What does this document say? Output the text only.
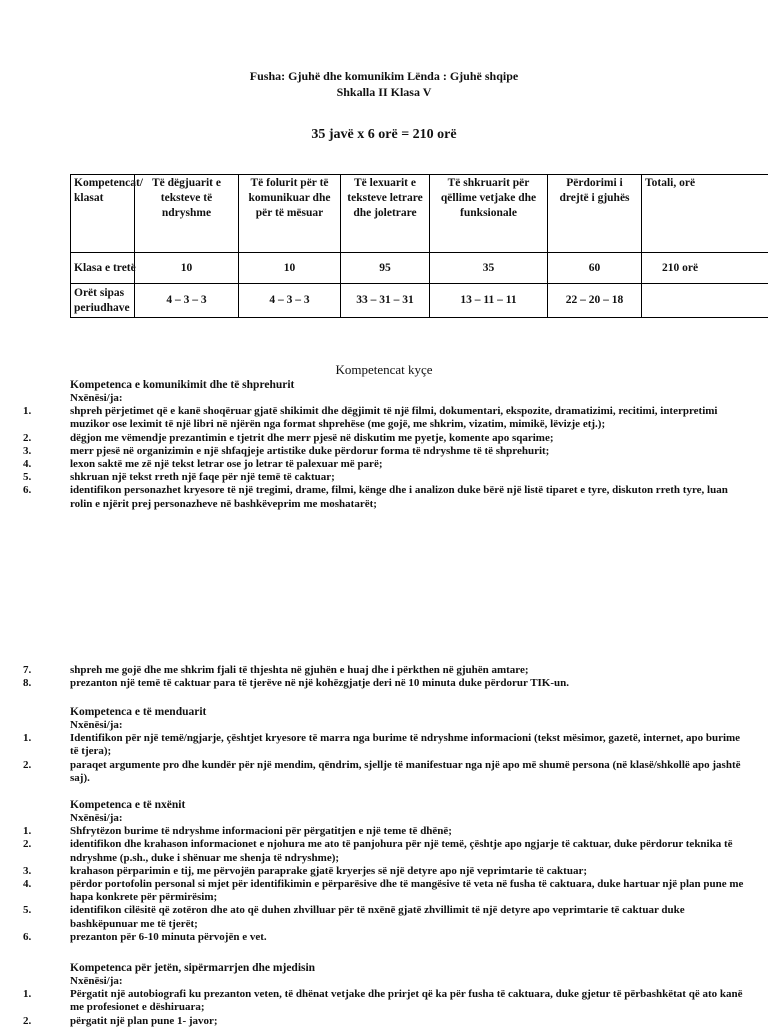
Fusha: Gjuhë dhe komunikim Lënda : Gjuhë shqipe
Shkalla II Klasa V
35 javë x 6 orë = 210 orë
Kompetencat/ klasat	Të dëgjuarit e teksteve të ndryshme	Të folurit për të komunikuar dhe për të mësuar	Të lexuarit e teksteve letrare dhe joletrare	Të shkruarit për qëllime vetjake dhe funksionale	Përdorimi i drejtë i gjuhës	Totali, orë
Klasa e tretë	10	10	95	35	60	210 orë
Orët sipas periudhave	4 – 3 – 3	4 – 3 – 3	33 – 31 – 31	13 – 11 – 11	22 – 20 – 18	
Kompetencat kyçe
Kompetenca e komunikimit dhe të shprehurit
Nxënësi/ja:
1.	shpreh përjetimet që e kanë shoqëruar gjatë shikimit dhe dëgjimit të një filmi, dokumentari, ekspozite, dramatizimi, recitimi, interpretimi muzikor ose leximit të një libri në njërën nga format shprehëse (me gojë, me shkrim, vizatim, mimikë, lëvizje etj.);
2.	dëgjon me vëmendje prezantimin e tjetrit dhe merr pjesë në diskutim me pyetje, komente apo sqarime;
3.	merr pjesë në organizimin e një shfaqjeje artistike duke përdorur forma të ndryshme të të shprehurit;
4.	lexon saktë me zë një tekst letrar ose jo letrar të palexuar më parë;
5.	shkruan një tekst rreth një faqe për një temë të caktuar;
6.	identifikon personazhet kryesore të një tregimi, drame, filmi, kënge dhe i analizon duke bërë një listë tiparet e tyre, diskuton rreth tyre, luan rolin e njërit prej personazheve në bashkëveprim me moshatarët;
7.	shpreh me gojë dhe me shkrim fjali të thjeshta në gjuhën e huaj dhe i përkthen në gjuhën amtare;
8.	prezanton një temë të caktuar para të tjerëve në një kohëzgjatje deri në 10 minuta duke përdorur TIK-un.
Kompetenca e të menduarit
Nxënësi/ja:
1.	Identifikon për një temë/ngjarje, çështjet kryesore të marra nga burime të ndryshme informacioni (tekst mësimor, gazetë, internet, apo burime të tjera);
2.	paraqet argumente pro dhe kundër për një mendim, qëndrim, sjellje të manifestuar nga një apo më shumë persona (në klasë/shkollë apo jashtë saj).
Kompetenca e të nxënit
Nxënësi/ja:
1.	Shfrytëzon burime të ndryshme informacioni për përgatitjen e një teme të dhënë;
2.	identifikon dhe krahason informacionet e njohura me ato të panjohura për një temë, çështje apo ngjarje të caktuar, duke përdorur teknika të ndryshme (p.sh., duke i shënuar me shenja të ndryshme);
3.	krahason përparimin e tij, me përvojën paraprake gjatë kryerjes së një detyre apo një veprimtarie të caktuar;
4.	përdor portofolin personal si mjet për identifikimin e përparësive dhe të mangësive të veta në fusha të caktuara, duke hartuar një plan pune me hapa konkrete për përmirësim;
5.	identifikon cilësitë që zotëron dhe ato që duhen zhvilluar për të nxënë gjatë zhvillimit të një detyre apo veprimtarie të caktuar duke bashkëpunuar me të tjerët;
6.	prezanton për 6-10 minuta përvojën e vet.
Kompetenca për jetën, sipërmarrjen dhe mjedisin
Nxënësi/ja:
1.	Përgatit një autobiografi ku prezanton veten, të dhënat vetjake dhe prirjet që ka për fusha të caktuara, duke gjetur të përbashkëtat që ato kanë me profesionet e dëshiruara;
2.	përgatit një plan pune 1- javor;
